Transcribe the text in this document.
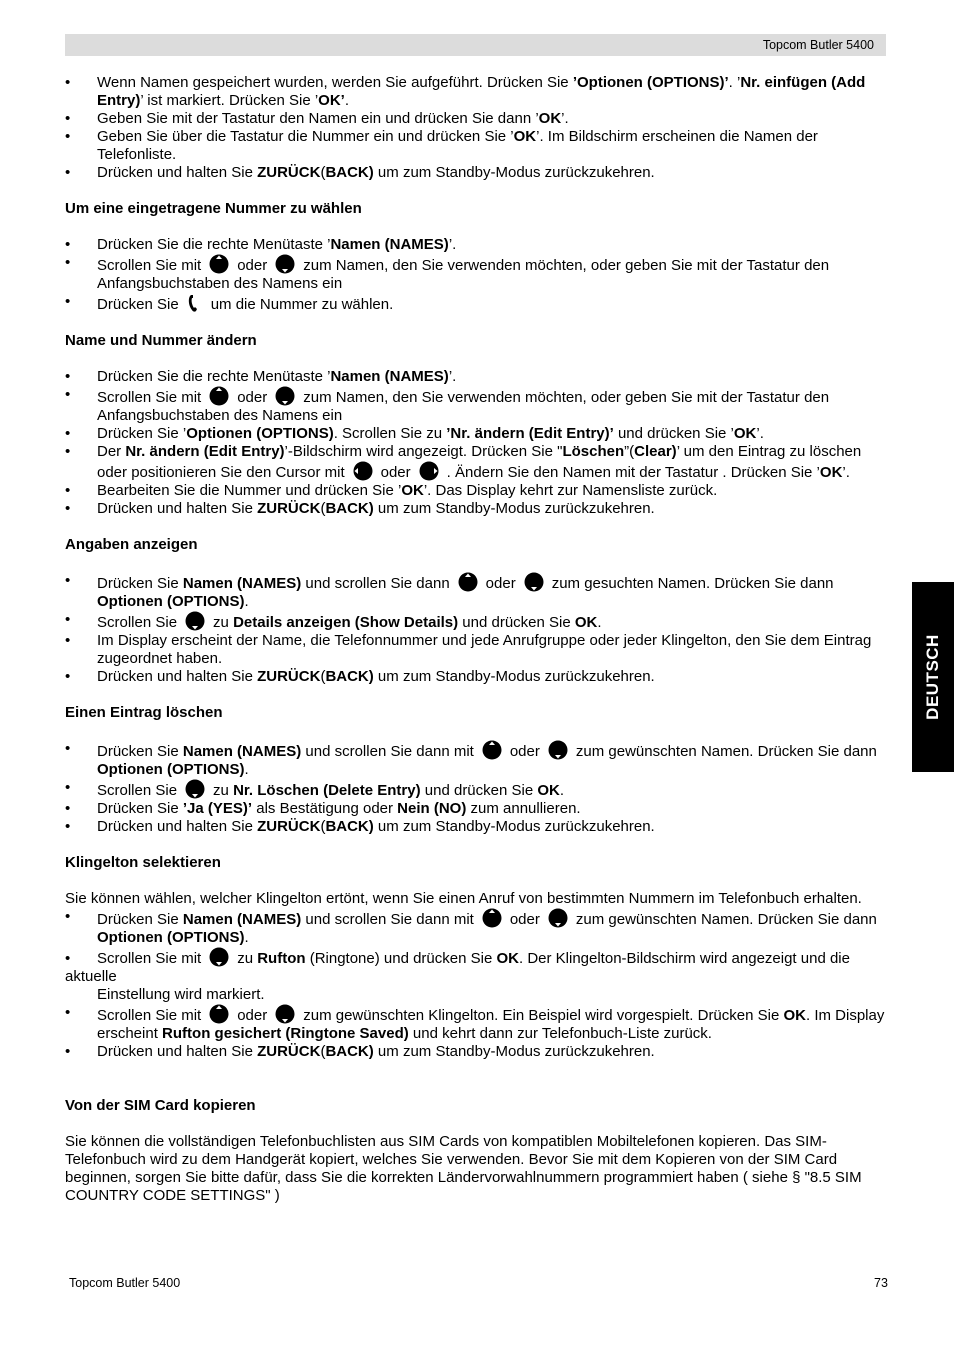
Topcom Butler 5400
• Wenn Namen gespeichert wurden, werden Sie aufgeführt. Drücken Sie ’Optionen (OPTIONS)’. ’Nr. einfügen (Add Entry)’ ist markiert. Drücken Sie ’OK’.
• Geben Sie mit der Tastatur den Namen ein und drücken Sie dann ’OK’.
• Geben Sie über die Tastatur die Nummer ein und drücken Sie ’OK’. Im Bildschirm erscheinen die Namen der Telefonliste.
• Drücken und halten Sie ZURÜCK(BACK) um zum Standby-Modus zurückzukehren.

Um eine eingetragene Nummer zu wählen

• Drücken Sie die rechte Menütaste ’Namen (NAMES)’.
• Scrollen Sie mit oder zum Namen, den Sie verwenden möchten, oder geben Sie mit der Tastatur den Anfangsbuchstaben des Namens ein
• Drücken Sie um die Nummer zu wählen.

Name und Nummer ändern

• Drücken Sie die rechte Menütaste ’Namen (NAMES)’.
• Scrollen Sie mit oder zum Namen, den Sie verwenden möchten, oder geben Sie mit der Tastatur den Anfangsbuchstaben des Namens ein
• Drücken Sie ’Optionen (OPTIONS). Scrollen Sie zu ’Nr. ändern (Edit Entry)’ und drücken Sie ’OK’.
• Der Nr. ändern (Edit Entry)’-Bildschirm wird angezeigt. Drücken Sie "Löschen”(Clear)’ um den Eintrag zu löschen oder positionieren Sie den Cursor mit oder . Ändern Sie den Namen mit der Tastatur . Drücken Sie ’OK’.
• Bearbeiten Sie die Nummer und drücken Sie ’OK’. Das Display kehrt zur Namensliste zurück.
• Drücken und halten Sie ZURÜCK(BACK) um zum Standby-Modus zurückzukehren.

Angaben anzeigen

• Drücken Sie Namen (NAMES) und scrollen Sie dann oder zum gesuchten Namen. Drücken Sie dann Optionen (OPTIONS).
• Scrollen Sie zu Details anzeigen (Show Details) und drücken Sie OK.
• Im Display erscheint der Name, die Telefonnummer und jede Anrufgruppe oder jeder Klingelton, den Sie dem Eintrag zugeordnet haben.
• Drücken und halten Sie ZURÜCK(BACK) um zum Standby-Modus zurückzukehren.

Einen Eintrag löschen

• Drücken Sie Namen (NAMES) und scrollen Sie dann mit oder zum gewünschten Namen. Drücken Sie dann Optionen (OPTIONS).
• Scrollen Sie zu Nr. Löschen (Delete Entry) und drücken Sie OK.
• Drücken Sie ’Ja (YES)’ als Bestätigung oder Nein (NO) zum annullieren.
• Drücken und halten Sie ZURÜCK(BACK) um zum Standby-Modus zurückzukehren.

Klingelton selektieren

Sie können wählen, welcher Klingelton ertönt, wenn Sie einen Anruf von bestimmten Nummern im Telefonbuch erhalten.

• Drücken Sie Namen (NAMES) und scrollen Sie dann mit oder zum gewünschten Namen. Drücken Sie dann Optionen (OPTIONS).

• Scrollen Sie mit zu Rufton (Ringtone) und drücken Sie OK. Der Klingelton-Bildschirm wird angezeigt und die aktuelle

Einstellung wird markiert.

• Scrollen Sie mit oder zum gewünschten Klingelton. Ein Beispiel wird vorgespielt. Drücken Sie OK. Im Display erscheint Rufton gesichert (Ringtone Saved) und kehrt dann zur Telefonbuch-Liste zurück.
• Drücken und halten Sie ZURÜCK(BACK) um zum Standby-Modus zurückzukehren.

Von der SIM Card kopieren

Sie können die vollständigen Telefonbuchlisten aus SIM Cards von kompatiblen Mobiltelefonen kopieren. Das SIM-Telefonbuch wird zu dem Handgerät kopiert, welches Sie verwenden. Bevor Sie mit dem Kopieren von der SIM Card beginnen, sorgen Sie bitte dafür, dass Sie die korrekten Ländervorwahlnummern programmiert haben ( siehe § "8.5 SIM COUNTRY CODE SETTINGS" )

DEUTSCH
Topcom Butler 5400	73
